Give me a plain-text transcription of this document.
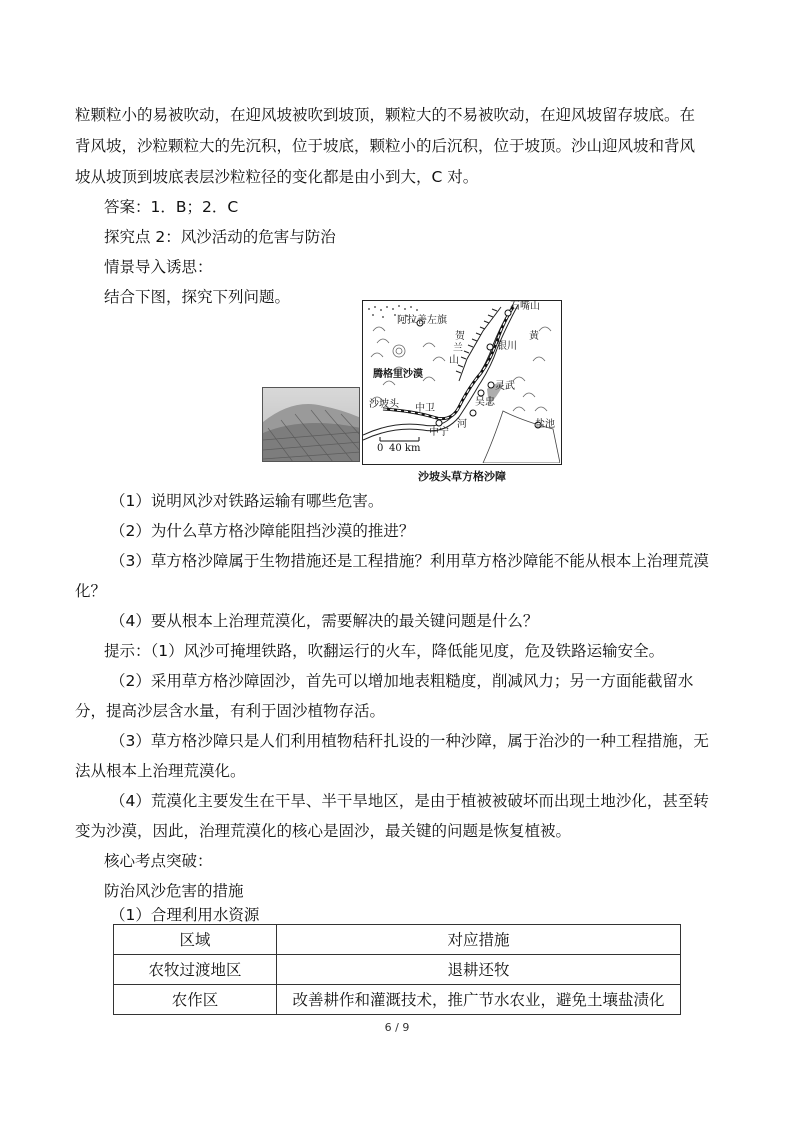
粒颗粒小的易被吹动，在迎风坡被吹到坡顶，颗粒大的不易被吹动，在迎风坡留存坡底。在
背风坡，沙粒颗粒大的先沉积，位于坡底，颗粒小的后沉积，位于坡顶。沙山迎风坡和背风
坡从坡顶到坡底表层沙粒粒径的变化都是由小到大，C 对。
答案：1．B；2．C
探究点 2：风沙活动的危害与防治
情景导入诱思：
结合下图，探究下列问题。
石嘴山
阿拉善左旗
贺
兰
山
银川
黄
腾格里沙漠
灵武
吴忠
沙坡头 中卫
中宁
河	盐池
0 40 km
沙坡头草方格沙障
（1）说明风沙对铁路运输有哪些危害。
（2）为什么草方格沙障能阻挡沙漠的推进？
（3）草方格沙障属于生物措施还是工程措施？利用草方格沙障能不能从根本上治理荒漠
化？
（4）要从根本上治理荒漠化，需要解决的最关键问题是什么？
提示：（1）风沙可掩埋铁路，吹翻运行的火车，降低能见度，危及铁路运输安全。
（2）采用草方格沙障固沙，首先可以增加地表粗糙度，削减风力；另一方面能截留水
分，提高沙层含水量，有利于固沙植物存活。
（3）草方格沙障只是人们利用植物秸秆扎设的一种沙障，属于治沙的一种工程措施，无
法从根本上治理荒漠化。
（4）荒漠化主要发生在干旱、半干旱地区，是由于植被被破坏而出现土地沙化，甚至转
变为沙漠，因此，治理荒漠化的核心是固沙，最关键的问题是恢复植被。
核心考点突破：
防治风沙危害的措施
（1）合理利用水资源
区域	对应措施
农牧过渡地区	退耕还牧
农作区	改善耕作和灌溉技术，推广节水农业，避免土壤盐渍化
6 / 9
